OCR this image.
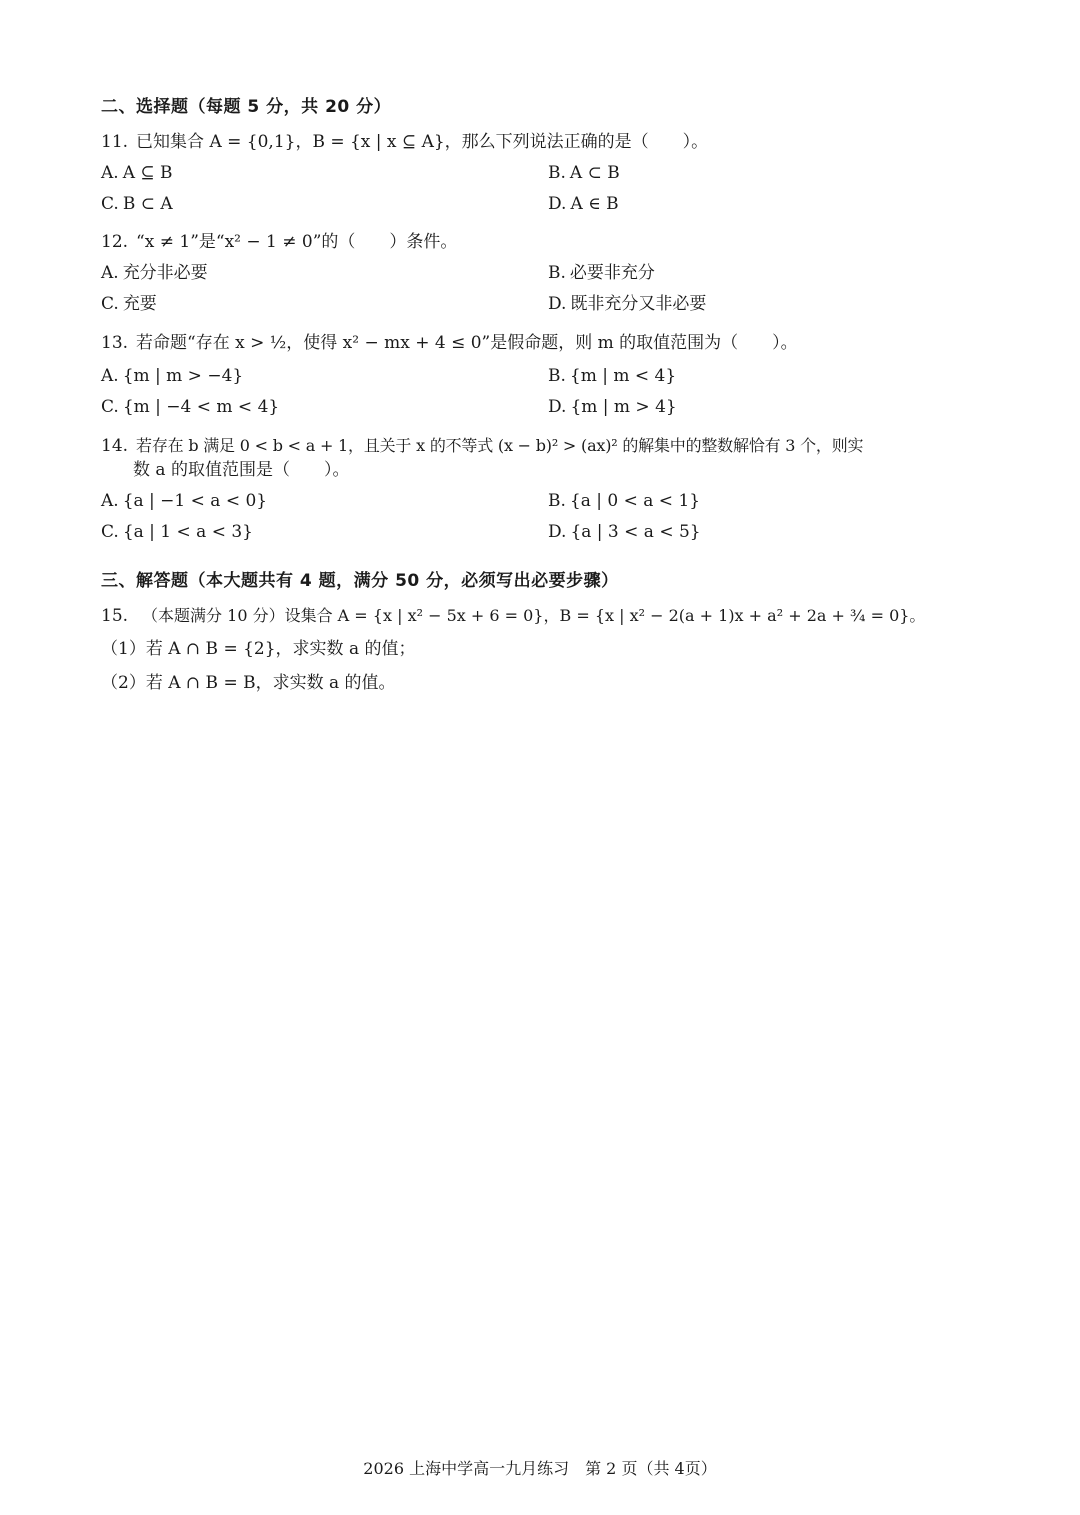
二、选择题（每题 5 分，共 20 分）
11. 已知集合 A = {0,1}，B = {x | x ⊆ A}，那么下列说法正确的是（　　）。
A. A ⊆ B	B. A ⊂ B
C. B ⊂ A	D. A ∈ B
12. “x ≠ 1”是“x² − 1 ≠ 0”的（　　）条件。
A. 充分非必要	B. 必要非充分
C. 充要	D. 既非充分又非必要
13. 若命题“存在 x > ½，使得 x² − mx + 4 ≤ 0”是假命题，则 m 的取值范围为（　　）。
A. {m | m > −4}	B. {m | m < 4}
C. {m | −4 < m < 4}	D. {m | m > 4}
14. 若存在 b 满足 0 < b < a + 1，且关于 x 的不等式 (x − b)² > (ax)² 的解集中的整数解恰有 3 个，则实
数 a 的取值范围是（　　）。
A. {a | −1 < a < 0}	B. {a | 0 < a < 1}
C. {a | 1 < a < 3}	D. {a | 3 < a < 5}
三、解答题（本大题共有 4 题，满分 50 分，必须写出必要步骤）
15. （本题满分 10 分）设集合 A = {x | x² − 5x + 6 = 0}，B = {x | x² − 2(a + 1)x + a² + 2a + ¾ = 0}。
（1）若 A ∩ B = {2}，求实数 a 的值；
（2）若 A ∩ B = B，求实数 a 的值。
2026 上海中学高一九月练习　第 2 页（共 4页）
